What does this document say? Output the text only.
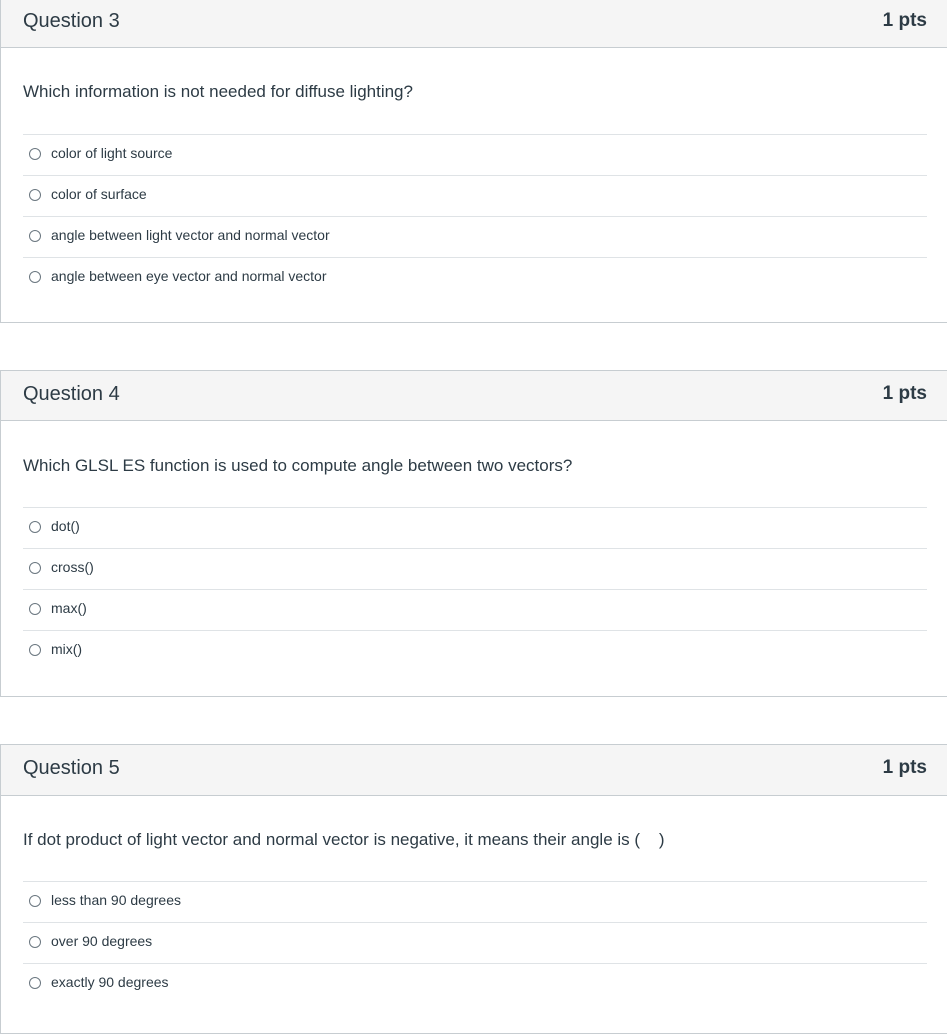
Question 3	1 pts
Which information is not needed for diffuse lighting?
color of light source
color of surface
angle between light vector and normal vector
angle between eye vector and normal vector
Question 4	1 pts
Which GLSL ES function is used to compute angle between two vectors?
dot()
cross()
max()
mix()
Question 5	1 pts
If dot product of light vector and normal vector is negative, it means their angle is (    )
less than 90 degrees
over 90 degrees
exactly 90 degrees
